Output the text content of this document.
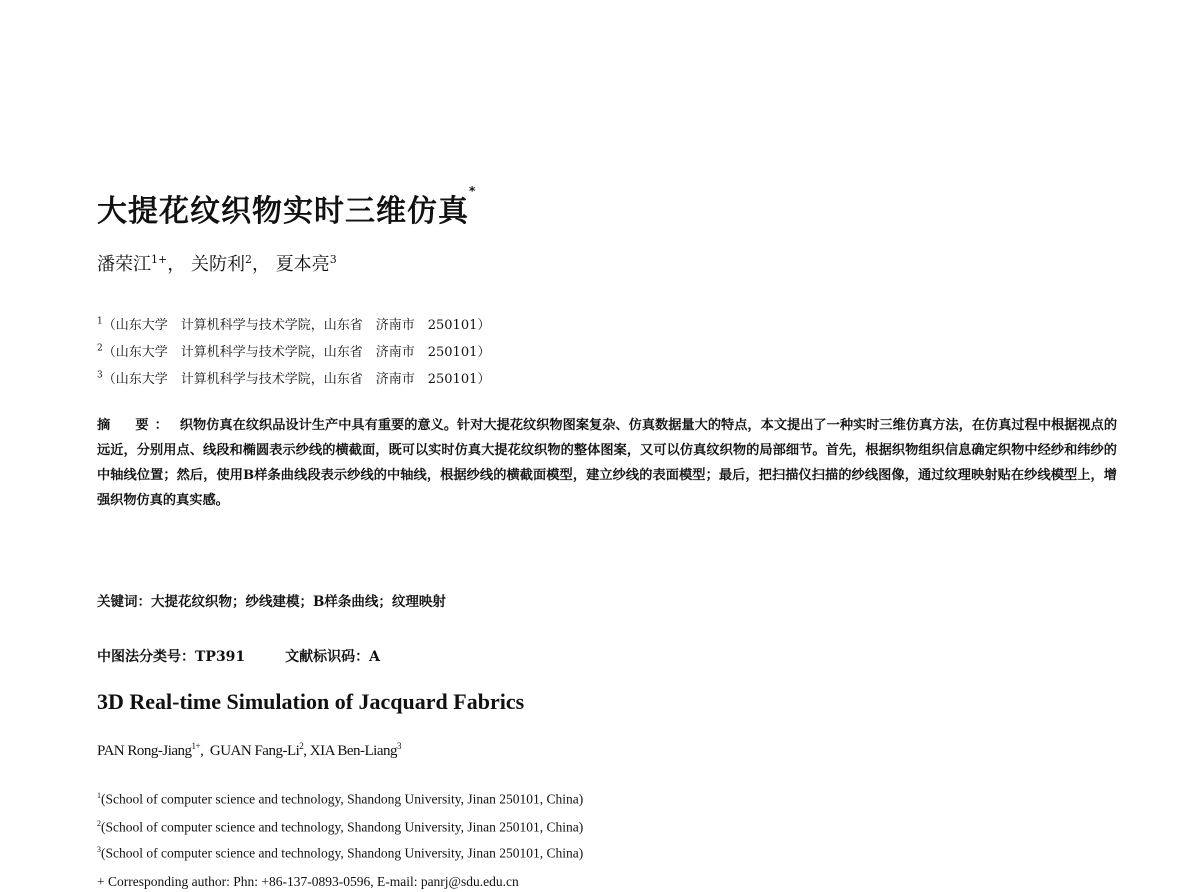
大提花纹织物实时三维仿真*
潘荣江$^{1+}$， 关防利$^2$， 夏本亮$^3$
$^1$（山东大学　计算机科学与技术学院，山东省　济南市　250101）
$^2$（山东大学　计算机科学与技术学院，山东省　济南市　250101）
$^3$（山东大学　计算机科学与技术学院，山东省　济南市　250101）
摘　要： 织物仿真在纹织品设计生产中具有重要的意义。针对大提花纹织物图案复杂、仿真数据量大的特点，本文提出了一种实时三维仿真方法，在仿真过程中根据视点的远近，分别用点、线段和椭圆表示纱线的横截面，既可以实时仿真大提花纹织物的整体图案，又可以仿真纹织物的局部细节。首先，根据织物组织信息确定织物中经纱和纬纱的中轴线位置；然后，使用B样条曲线段表示纱线的中轴线，根据纱线的横截面模型，建立纱线的表面模型；最后，把扫描仪扫描的纱线图像，通过纹理映射贴在纱线模型上，增强织物仿真的真实感。
关键词：大提花纹织物；纱线建模；B样条曲线；纹理映射
中图法分类号：TP391	文献标识码：A
3D Real-time Simulation of Jacquard Fabrics
PAN Rong-Jiang$^{1+}$,  GUAN Fang-Li$^2$, XIA Ben-Liang$^3$
$^1$(School of computer science and technology, Shandong University, Jinan 250101, China)
$^2$(School of computer science and technology, Shandong University, Jinan 250101, China)
$^3$(School of computer science and technology, Shandong University, Jinan 250101, China)
+ Corresponding author: Phn: +86-137-0893-0596, E-mail: panrj@sdu.edu.cn
